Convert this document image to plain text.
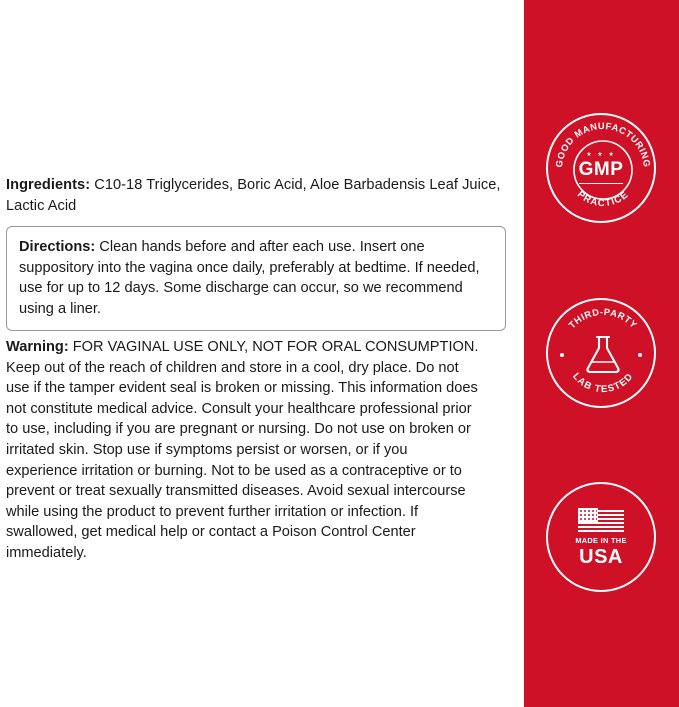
Ingredients: C10-18 Triglycerides, Boric Acid, Aloe Barbadensis Leaf Juice, Lactic Acid
Directions: Clean hands before and after each use. Insert one suppository into the vagina once daily, preferably at bedtime. If needed, use for up to 12 days. Some discharge can occur, so we recommend using a liner.
Warning: FOR VAGINAL USE ONLY, NOT FOR ORAL CONSUMPTION. Keep out of the reach of children and store in a cool, dry place. Do not use if the tamper evident seal is broken or missing. This information does not constitute medical advice. Consult your healthcare professional prior to use, including if you are pregnant or nursing. Do not use on broken or irritated skin. Stop use if symptoms persist or worsen, or if you experience irritation or burning. Not to be used as a contraceptive or to prevent or treat sexually transmitted diseases. Avoid sexual intercourse while using the product to prevent further irritation or infection. If swallowed, get medical help or contact a Poison Control Center immediately.
GOOD MANUFACTURING
PRACTICE
★ ★ ★
GMP
THIRD-PARTY
LAB TESTED
MADE IN THE
USA
